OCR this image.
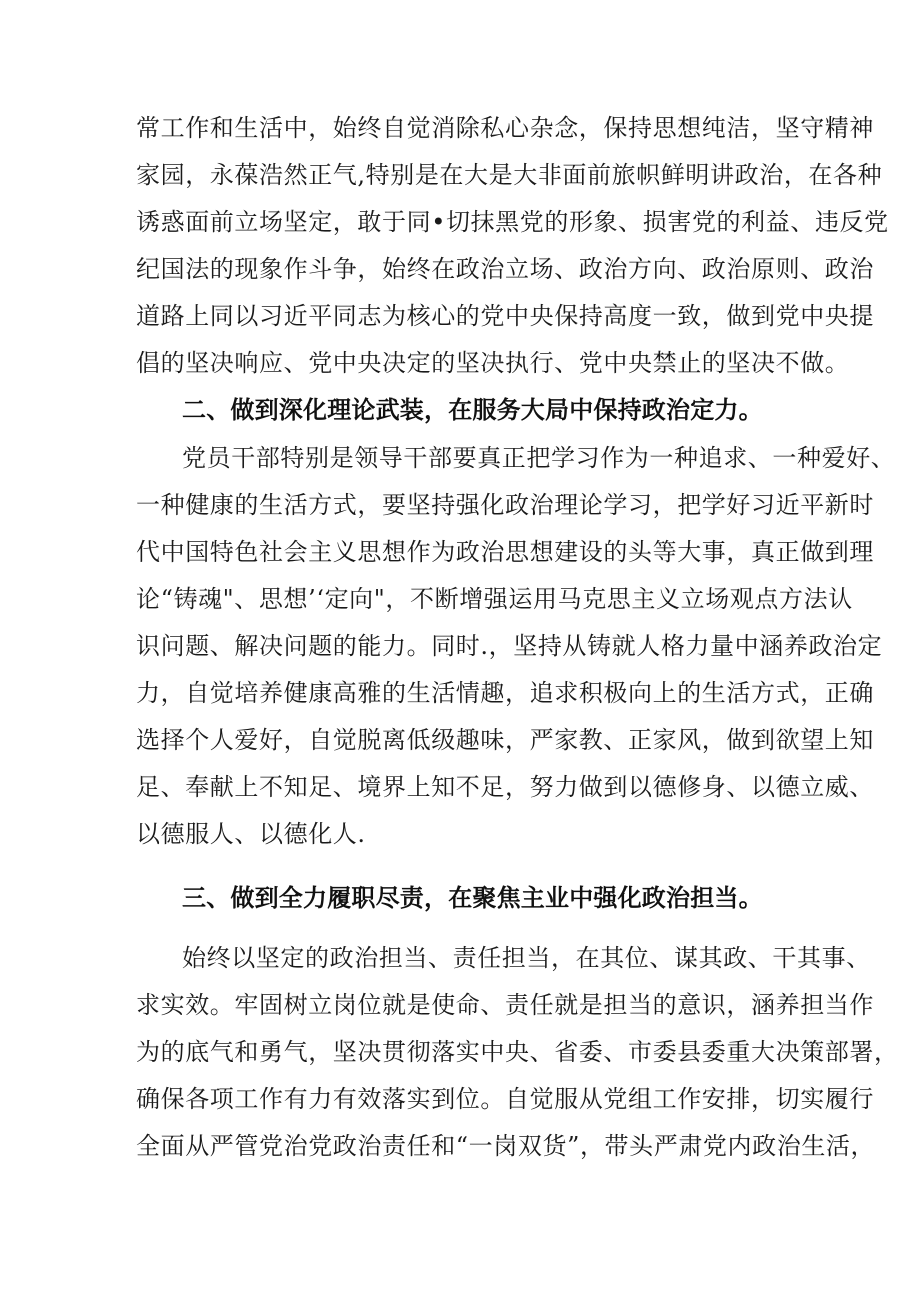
常工作和生活中，始终自觉消除私心杂念，保持思想纯洁，坚守精神
家园，永葆浩然正气,特别是在大是大非面前旅帜鲜明讲政治，在各种
诱惑面前立场坚定，敢于同•切抹黑党的形象、损害党的利益、违反党
纪国法的现象作斗争，始终在政治立场、政治方向、政治原则、政治
道路上同以习近平同志为核心的党中央保持高度一致，做到党中央提
倡的坚决响应、党中央决定的坚决执行、党中央禁止的坚决不做。
二、做到深化理论武装，在服务大局中保持政治定力。
党员干部特别是领导干部要真正把学习作为一种追求、一种爱好、
一种健康的生活方式，要坚持强化政治理论学习，把学好习近平新时
代中国特色社会主义思想作为政治思想建设的头等大事，真正做到理
论“铸魂"、思想’‘定向"，不断增强运用马克思主义立场观点方法认
识问题、解决问题的能力。同时.，坚持从铸就人格力量中涵养政治定
力，自觉培养健康高雅的生活情趣，追求积极向上的生活方式，正确
选择个人爱好，自觉脱离低级趣味，严家教、正家风，做到欲望上知
足、奉献上不知足、境界上知不足，努力做到以德修身、以德立威、
以德服人、以德化人.
三、做到全力履职尽责，在聚焦主业中强化政治担当。
始终以坚定的政治担当、责任担当，在其位、谋其政、干其事、
求实效。牢固树立岗位就是使命、责任就是担当的意识，涵养担当作
为的底气和勇气，坚决贯彻落实中央、省委、市委县委重大决策部署，
确保各项工作有力有效落实到位。自觉服从党组工作安排，切实履行
全面从严管党治党政治责任和“一岗双货”，带头严肃党内政治生活，
